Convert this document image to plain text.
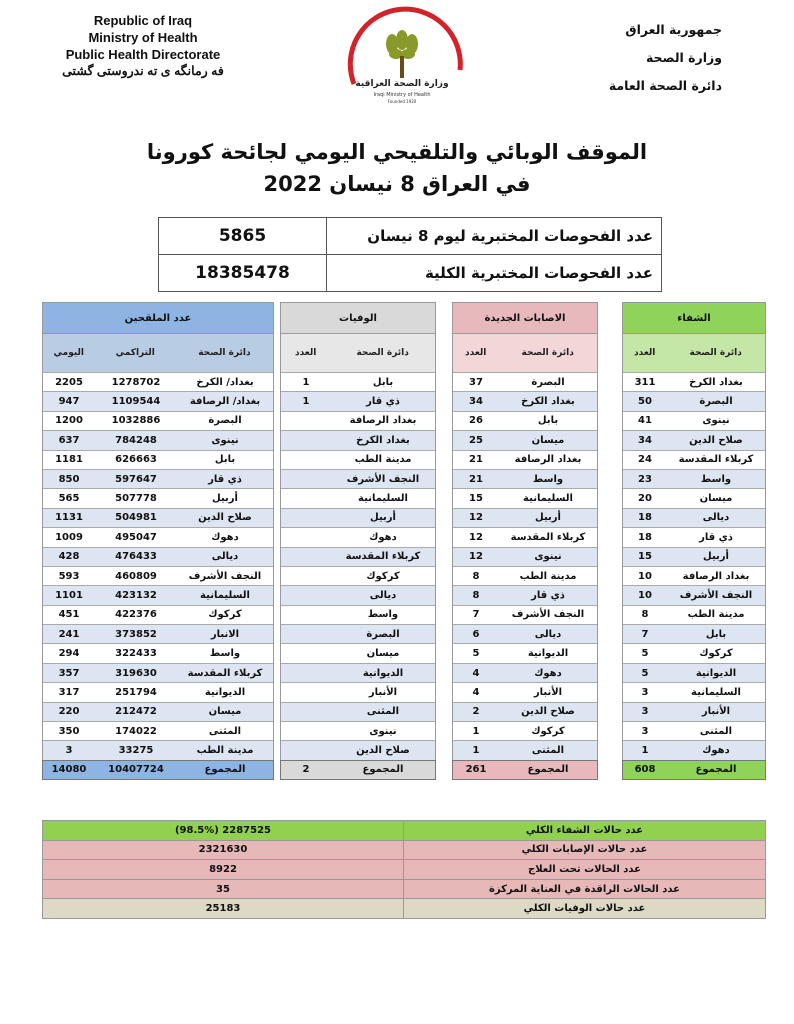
Republic of Iraq
Ministry of Health
Public Health Directorate
فه رمانگه ى ته ندروستى گشتى
وزارة الصحة العراقية
Iraqi Ministry of Health
Founded 1920
جمهورية العراق
وزارة الصحة
دائرة الصحة العامة
الموقف الوبائي والتلقيحي اليومي لجائحة كورونا
في العراق 8 نيسان 2022
5865	عدد الفحوصات المختبرية ليوم 8 نيسان
18385478	عدد الفحوصات المختبرية الكلية
عدد الملقحين
اليومي	التراكمي	دائرة الصحة
2205	1278702	بغداد/ الكرخ
947	1109544	بغداد/ الرصافة
1200	1032886	البصرة
637	784248	نينوى
1181	626663	بابل
850	597647	ذي قار
565	507778	أربيل
1131	504981	صلاح الدين
1009	495047	دهوك
428	476433	ديالى
593	460809	النجف الأشرف
1101	423132	السليمانية
451	422376	كركوك
241	373852	الانبار
294	322433	واسط
357	319630	كربلاء المقدسة
317	251794	الديوانية
220	212472	ميسان
350	174022	المثنى
3	33275	مدينة الطب
14080	10407724	المجموع
الوفيات
العدد	دائرة الصحة
1	بابل
1	ذي قار
بغداد الرصافة
بغداد الكرخ
مدينة الطب
النجف الأشرف
السليمانية
أربيل
دهوك
كربلاء المقدسة
كركوك
ديالى
واسط
البصرة
ميسان
الديوانية
الأنبار
المثنى
نينوى
صلاح الدين
2	المجموع
الاصابات الجديدة
العدد	دائرة الصحة
37	البصرة
34	بغداد الكرخ
26	بابل
25	ميسان
21	بغداد الرصافة
21	واسط
15	السليمانية
12	أربيل
12	كربلاء المقدسة
12	نينوى
8	مدينة الطب
8	ذي قار
7	النجف الأشرف
6	ديالى
5	الديوانية
4	دهوك
4	الأنبار
2	صلاح الدين
1	كركوك
1	المثنى
261	المجموع
الشفاء
العدد	دائرة الصحة
311	بغداد الكرخ
50	البصرة
41	نينوى
34	صلاح الدين
24	كربلاء المقدسة
23	واسط
20	ميسان
18	ديالى
18	ذي قار
15	أربيل
10	بغداد الرصافة
10	النجف الأشرف
8	مدينة الطب
7	بابل
5	كركوك
5	الديوانية
3	السليمانية
3	الأنبار
3	المثنى
1	دهوك
608	المجموع
(98.5%) 2287525	عدد حالات الشفاء الكلي
2321630	عدد حالات الإصابات الكلي
8922	عدد الحالات تحت العلاج
35	عدد الحالات الراقدة في العناية المركزة
25183	عدد حالات الوفيات الكلي
